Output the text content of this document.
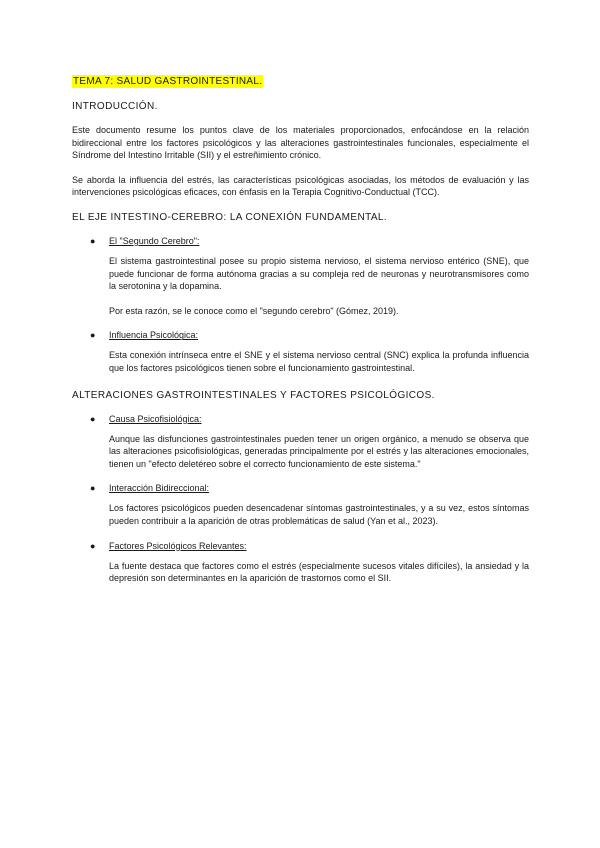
TEMA 7: SALUD GASTROINTESTINAL.
INTRODUCCIÓN.

Este documento resume los puntos clave de los materiales proporcionados, enfocándose en la relación bidireccional entre los factores psicológicos y las alteraciones gastrointestinales funcionales, especialmente el Síndrome del Intestino Irritable (SII) y el estreñimiento crónico.

Se aborda la influencia del estrés, las características psicológicas asociadas, los métodos de evaluación y las intervenciones psicológicas eficaces, con énfasis en la Terapia Cognitivo-Conductual (TCC).

EL EJE INTESTINO-CEREBRO: LA CONEXIÓN FUNDAMENTAL.
● El "Segundo Cerebro":

El sistema gastrointestinal posee su propio sistema nervioso, el sistema nervioso entérico (SNE), que puede funcionar de forma autónoma gracias a su compleja red de neuronas y neurotransmisores como la serotonina y la dopamina.

Por esta razón, se le conoce como el "segundo cerebro" (Gómez, 2019).

● Influencia Psicológica:

Esta conexión intrínseca entre el SNE y el sistema nervioso central (SNC) explica la profunda influencia que los factores psicológicos tienen sobre el funcionamiento gastrointestinal.

ALTERACIONES GASTROINTESTINALES Y FACTORES PSICOLÓGICOS.
● Causa Psicofisiológica:

Aunque las disfunciones gastrointestinales pueden tener un origen orgánico, a menudo se observa que las alteraciones psicofisiológicas, generadas principalmente por el estrés y las alteraciones emocionales, tienen un "efecto deletéreo sobre el correcto funcionamiento de este sistema."

● Interacción Bidireccional:

Los factores psicológicos pueden desencadenar síntomas gastrointestinales, y a su vez, estos síntomas pueden contribuir a la aparición de otras problemáticas de salud (Yan et al., 2023).

● Factores Psicológicos Relevantes:

La fuente destaca que factores como el estrés (especialmente sucesos vitales difíciles), la ansiedad y la depresión son determinantes en la aparición de trastornos como el SII.
